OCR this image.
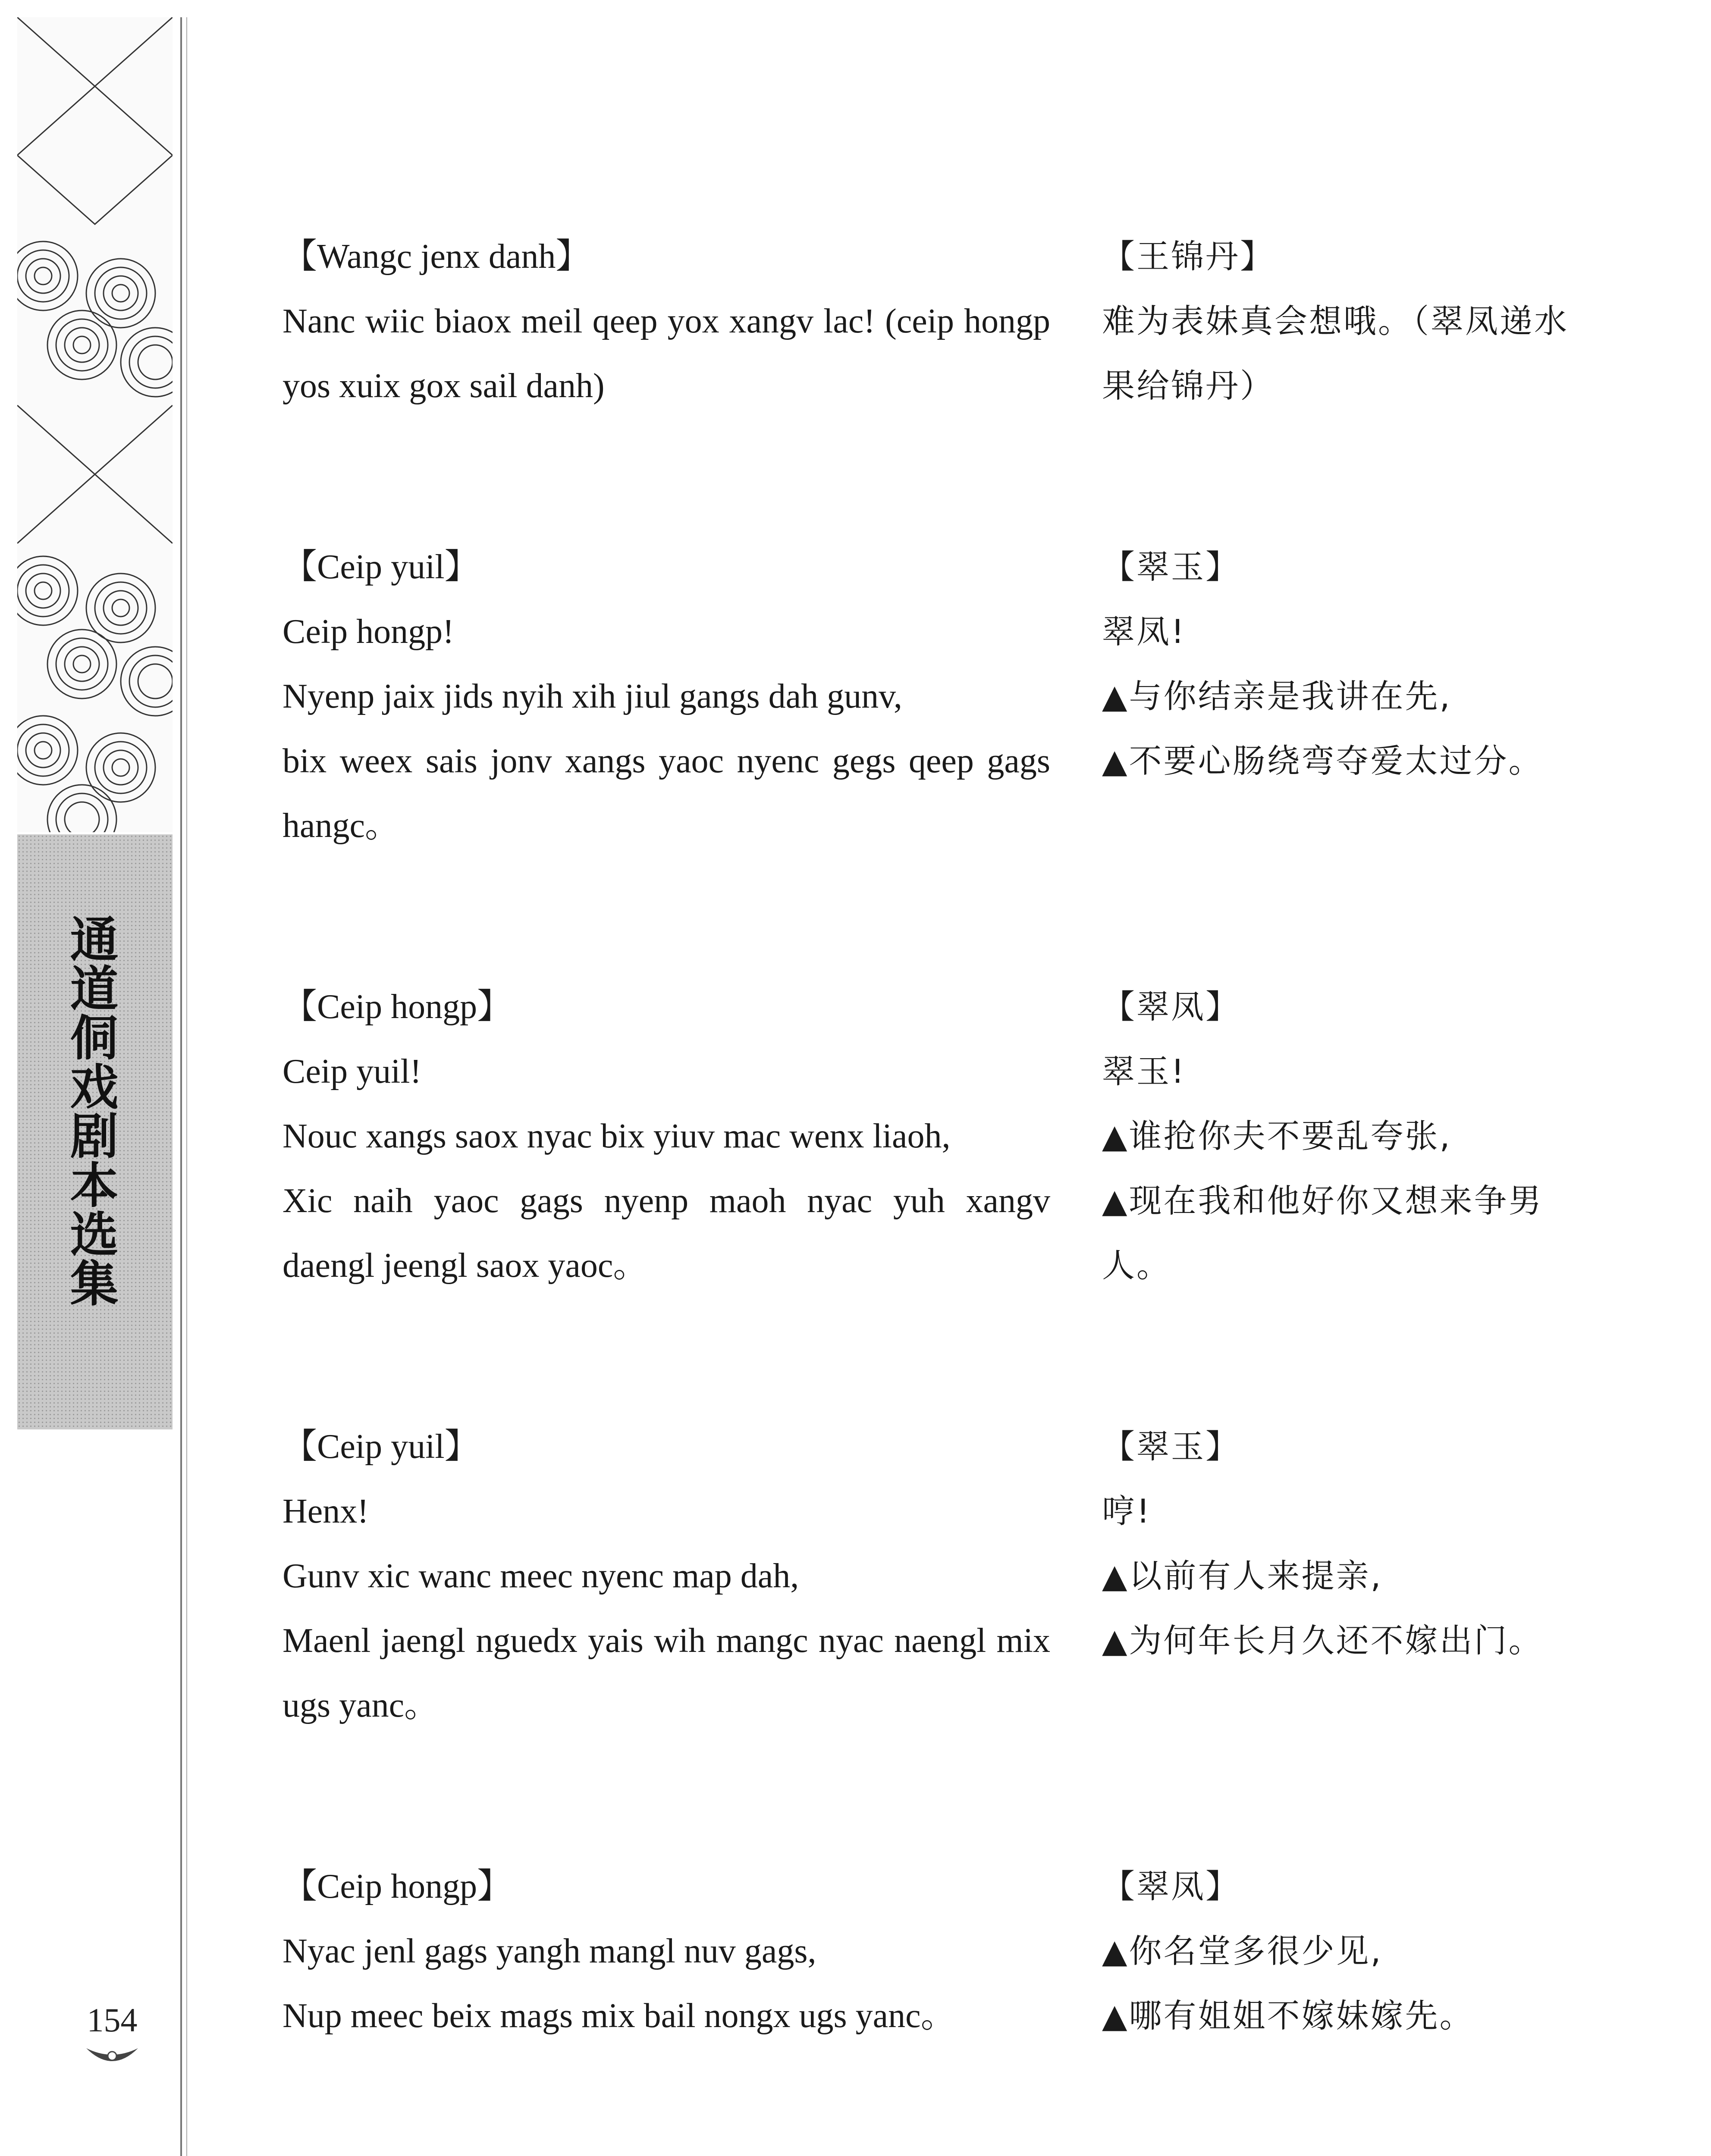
通道侗戏剧本选集
154
【Wangc jenx danh】
Nanc wiic biaox meil qeep yox xangv lac! (ceip hongp yos xuix gox sail danh)
【王锦丹】
难为表妹真会想哦。（翠凤递水果给锦丹）
【Ceip yuil】
Ceip hongp!
Nyenp jaix jids nyih xih jiul gangs dah gunv,
bix weex sais jonv xangs yaoc nyenc gegs qeep gags hangc。
【翠玉】
翠凤!
▲与你结亲是我讲在先,
▲不要心肠绕弯夺爱太过分。
【Ceip hongp】
Ceip yuil!
Nouc xangs saox nyac bix yiuv mac wenx liaoh,
Xic naih yaoc gags nyenp maoh nyac yuh xangv daengl jeengl saox yaoc。
【翠凤】
翠玉!
▲谁抢你夫不要乱夸张,
▲现在我和他好你又想来争男人。
【Ceip yuil】
Henx!
Gunv xic wanc meec nyenc map dah,
Maenl jaengl nguedx yais wih mangc nyac naengl mix ugs yanc。
【翠玉】
哼!
▲以前有人来提亲,
▲为何年长月久还不嫁出门。
【Ceip hongp】
Nyac jenl gags yangh mangl nuv gags,
Nup meec beix mags mix bail nongx ugs yanc。
【翠凤】
▲你名堂多很少见,
▲哪有姐姐不嫁妹嫁先。
